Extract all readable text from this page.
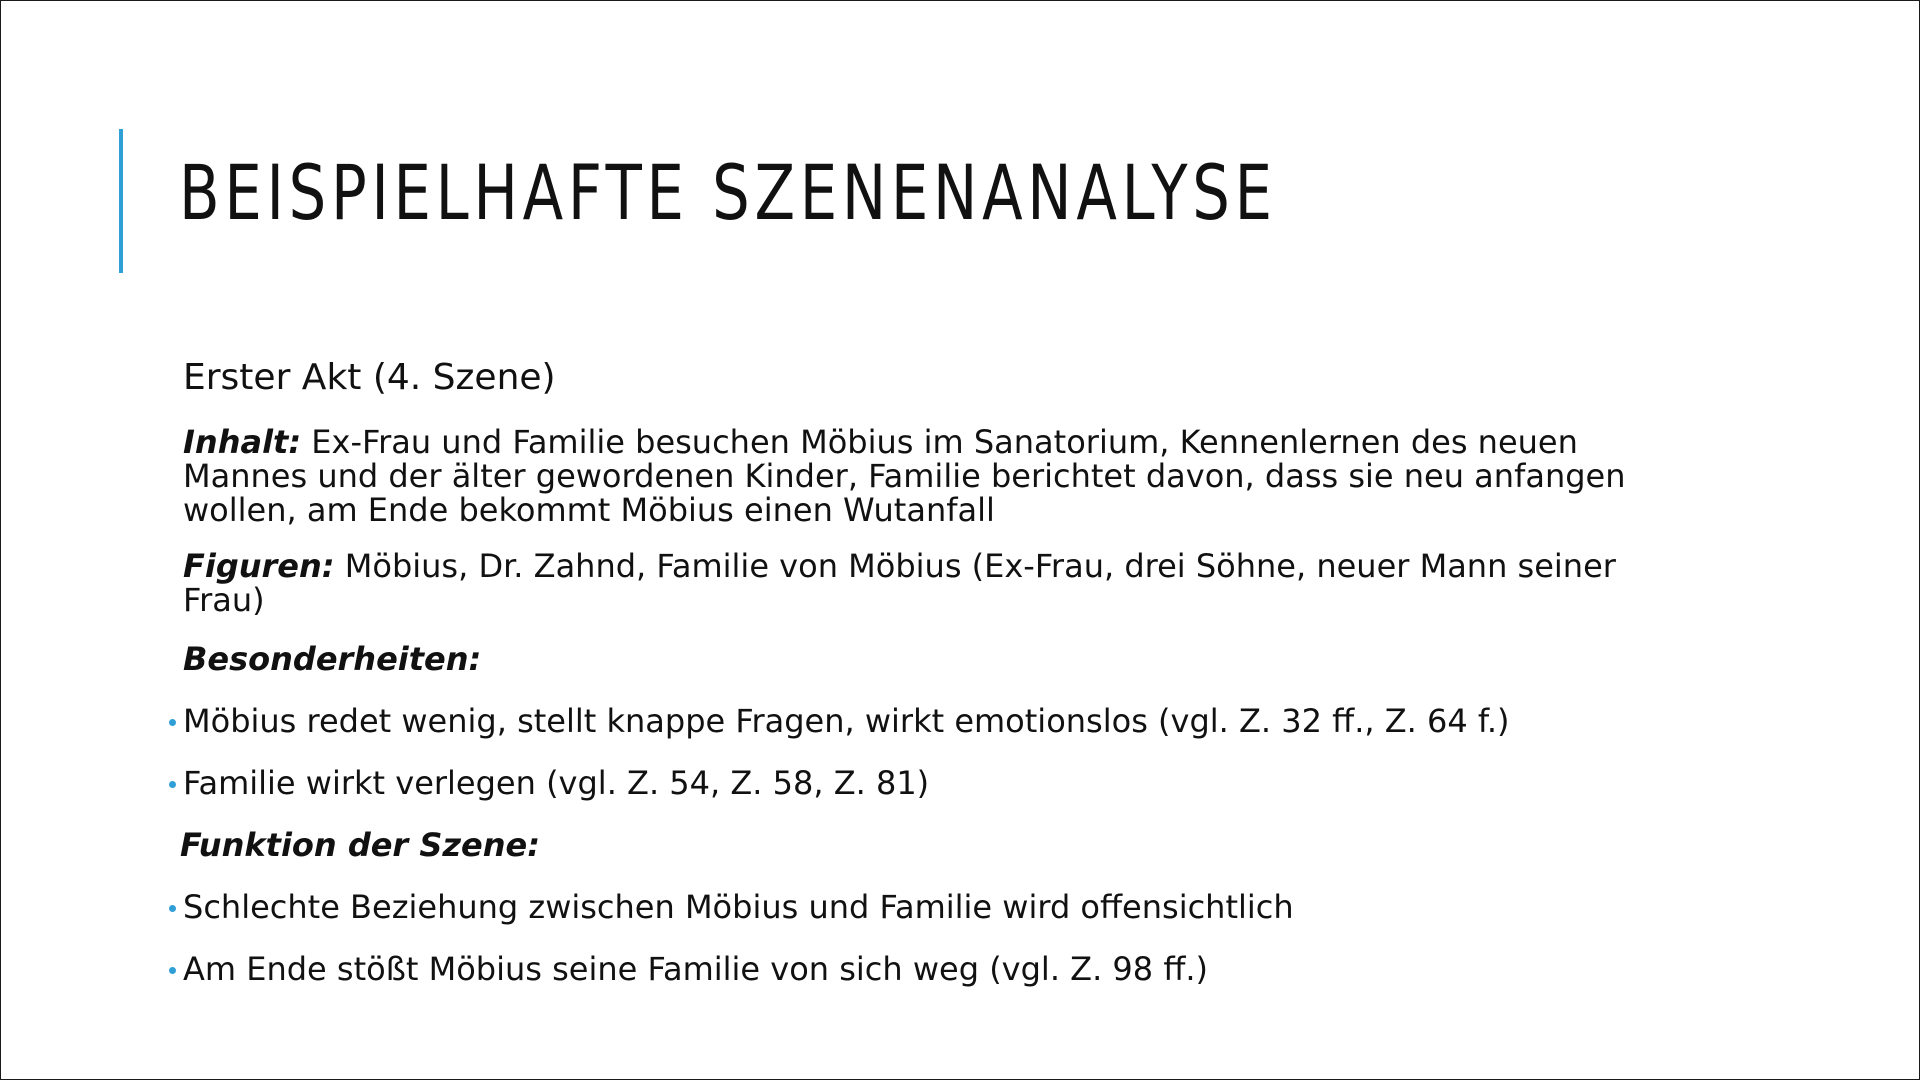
BEISPIELHAFTE SZENENANALYSE

Erster Akt (4. Szene)

Inhalt: Ex-Frau und Familie besuchen Möbius im Sanatorium, Kennenlernen des neuen Mannes und der älter gewordenen Kinder, Familie berichtet davon, dass sie neu anfangen wollen, am Ende bekommt Möbius einen Wutanfall

Figuren: Möbius, Dr. Zahnd, Familie von Möbius (Ex-Frau, drei Söhne, neuer Mann seiner Frau)

Besonderheiten:

Möbius redet wenig, stellt knappe Fragen, wirkt emotionslos (vgl. Z. 32 ff., Z. 64 f.)
Familie wirkt verlegen (vgl. Z. 54, Z. 58, Z. 81)

Funktion der Szene:

Schlechte Beziehung zwischen Möbius und Familie wird offensichtlich
Am Ende stößt Möbius seine Familie von sich weg (vgl. Z. 98 ff.)
